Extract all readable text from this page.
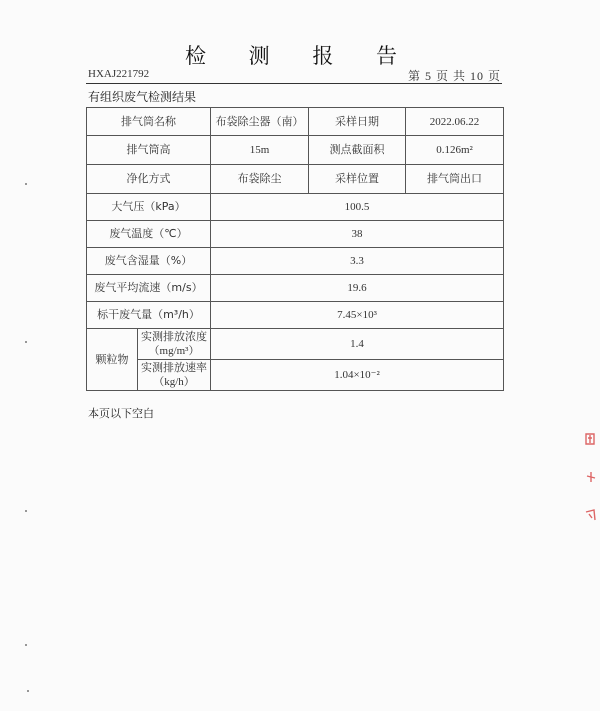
检 测 报 告
HXAJ221792	第 5 页 共 10 页
有组织废气检测结果
排气筒名称		布袋除尘器（南）	采样日期	2022.06.22
排气筒高		15m	测点截面积	0.126m²
净化方式		布袋除尘	采样位置	排气筒出口
大气压（kPa）		100.5		
废气温度（℃）		38		
废气含湿量（%）		3.3		
废气平均流速（m/s）		19.6		
标干废气量（m³/h）		7.45×10³		
颗粒物	实测排放浓度
（mg/m³）	1.4		

	实测排放速率
（kg/h）	1.04×10⁻²		
本页以下空白
